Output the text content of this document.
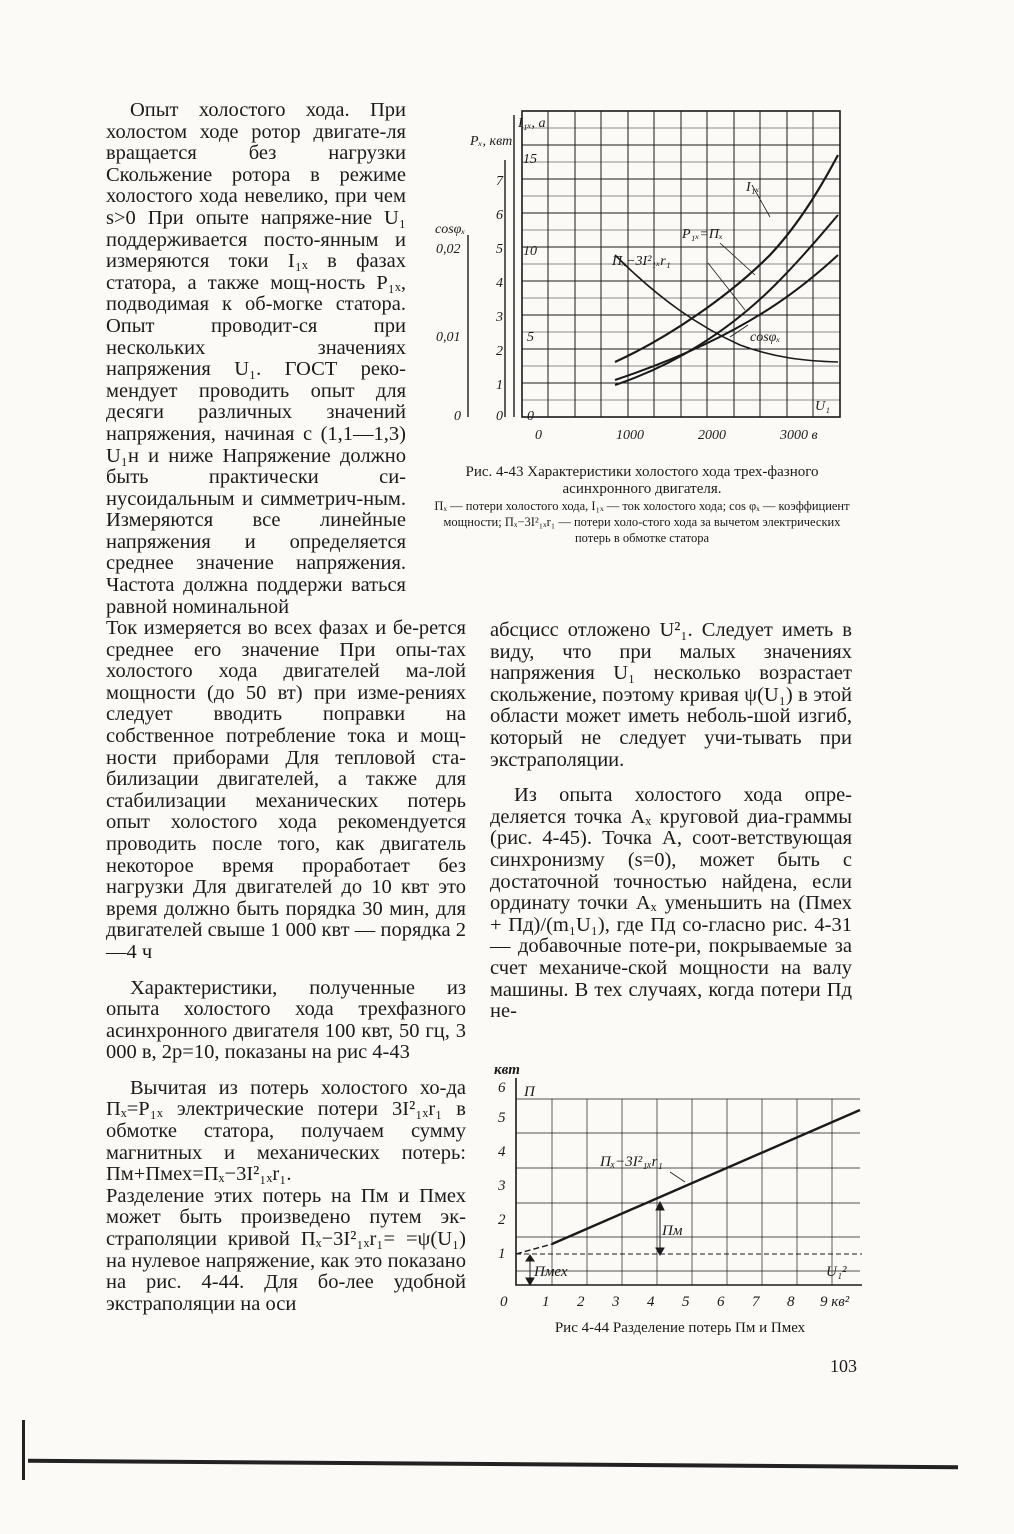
Опыт холостого хода. При холостом ходе ротор двигате-ля вращается без нагрузки Скольжение ротора в режиме холостого хода невелико, при чем s>0 При опыте напряже-ние U₁ поддерживается посто-янным и измеряются токи I₁ₓ в фазах статора, а также мощ-ность P₁ₓ, подводимая к об-могке статора. Опыт проводит-ся при нескольких значениях напряжения U₁. ГОСТ реко-мендует проводить опыт для десяги различных значений напряжения, начиная с (1,1—1,3) U₁н и ниже Напряжение должно быть практически си-нусоидальным и симметрич-ным. Измеряются все линейные напряжения и определяется среднее значение напряжения. Частота должна поддержи ваться равной номинальной

Ток измеряется во всех фазах и бе-рется среднее его значение При опы-тах холостого хода двигателей ма-лой мощности (до 50 вт) при изме-рениях следует вводить поправки на собственное потребление тока и мощ-ности приборами Для тепловой ста-билизации двигателей, а также для стабилизации механических потерь опыт холостого хода рекомендуется проводить после того, как двигатель некоторое время проработает без нагрузки Для двигателей до 10 квт это время должно быть порядка 30 мин, для двигателей свыше 1 000 квт — порядка 2—4 ч

Характеристики, полученные из опыта холостого хода трехфазного асинхронного двигателя 100 квт, 50 гц, 3 000 в, 2p=10, показаны на рис 4-43

Вычитая из потерь холостого хо-да Пₓ=P₁ₓ электрические потери 3I²₁ₓr₁ в обмотке статора, получаем сумму магнитных и механических потерь: Пм+Пмех=Пₓ−3I²₁ₓr₁.

Разделение этих потерь на Пм и Пмех может быть произведено путем эк-страполяции кривой Пₓ−3I²₁ₓr₁= =ψ(U₁) на нулевое напряжение, как это показано на рис. 4-44. Для бо-лее удобной экстраполяции на оси

абсцисс отложено U²₁. Следует иметь в виду, что при малых значениях напряжения U₁ несколько возрастает скольжение, поэтому кривая ψ(U₁) в этой области может иметь неболь-шой изгиб, который не следует учи-тывать при экстраполяции.

Из опыта холостого хода опре-деляется точка Aₓ круговой диа-граммы (рис. 4-45). Точка A, соот-ветствующая синхронизму (s=0), может быть с достаточной точностью найдена, если ординату точки Aₓ уменьшить на (Пмех + Пд)/(m₁U₁), где Пд со-гласно рис. 4-31 — добавочные поте-ри, покрываемые за счет механиче-ской мощности на валу машины. В тех случаях, когда потери Пд не-

I₁ₓ
P₁ₓ=Пₓ
Пₓ−3I²₁ₓr₁
cosφₓ
U₁
Pₓ, квт
I₁ₓ, a
cosφₓ
0,02
0,01
0
7
6
5
4
3
2
1
0
15
10
5
0
0	1000	2000	3000 в
Рис. 4-43 Характеристики холостого хода трех-фазного асинхронного двигателя.
Пₓ — потери холостого хода, I₁ₓ — ток холостого хода; cos φₓ — коэффициент мощности; Пₓ−3I²₁ₓr₁ — потери холо-стого хода за вычетом электрических потерь в обмотке статора
квт
П
Пₓ−3I²₁ₓr₁
Пм
Пмех	U₁²
6
5
4
3
2
1
0 1 2 3 4 5 6 7 8 9 кв²
Рис 4-44 Разделение потерь Пм и Пмех
103
